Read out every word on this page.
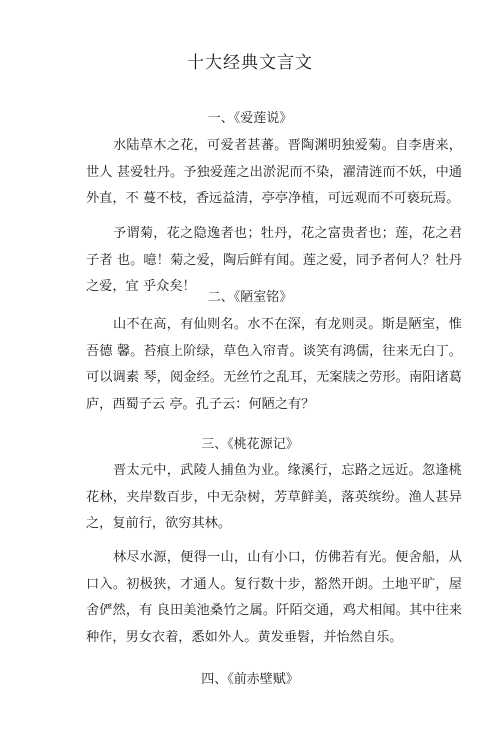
十大经典文言文
一、《爱莲说》

水陆草木之花，可爱者甚蕃。晋陶渊明独爱菊。自李唐来，世人 甚爱牡丹。予独爱莲之出淤泥而不染，濯清涟而不妖，中通外直，不 蔓不枝，香远益清，亭亭净植，可远观而不可亵玩焉。

予谓菊，花之隐逸者也；牡丹，花之富贵者也；莲，花之君子者 也。噫！菊之爱，陶后鲜有闻。莲之爱，同予者何人？牡丹之爱，宜 乎众矣！

二、《陋室铭》

山不在高，有仙则名。水不在深，有龙则灵。斯是陋室，惟吾德 馨。苔痕上阶绿，草色入帘青。谈笑有鸿儒，往来无白丁。可以调素 琴，阅金经。无丝竹之乱耳，无案牍之劳形。南阳诸葛庐，西蜀子云 亭。孔子云：何陋之有？

三、《桃花源记》

晋太元中，武陵人捕鱼为业。缘溪行，忘路之远近。忽逢桃花林，夹岸数百步，中无杂树，芳草鲜美，落英缤纷。渔人甚异之，复前行，欲穷其林。

林尽水源，便得一山，山有小口，仿佛若有光。便舍船，从口入。初极狭，才通人。复行数十步，豁然开朗。土地平旷，屋舍俨然，有 良田美池桑竹之属。阡陌交通，鸡犬相闻。其中往来种作，男女衣着，悉如外人。黄发垂髫，并怡然自乐。

四、《前赤壁赋》
